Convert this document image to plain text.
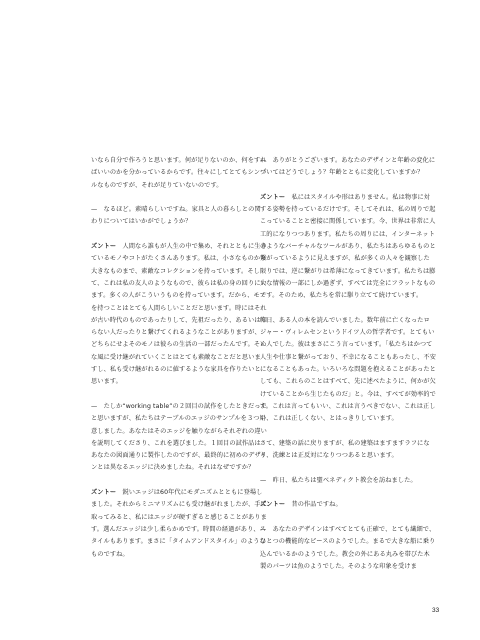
いなら自分で作ろうと思います。何が足りないのか、何をすればいいのかを分かっているからです。往々にしてとてもシンプルなものですが、それが足りていないのです。

—　なるほど。素晴らしいですね。家具と人の暮らしとの関わりについてはいかがでしょうか？

ズントー　人間なら誰もが人生の中で集め、それとともに生きているモノやコトがたくさんあります。私は、小さなものから大きなものまで、素敵なコレクションを持っています。そして、これは私の友人のようなもので、彼らは私の身の回りにいます。多くの人がこういうものを持っています。だから、モノを持つことはとても人間らしいことだと思います。時にはそれが古い時代のものであったりして、先祖だったり、あるいは知らない人だったりと繋げてくれるようなことがありますが、どちらにせよそのモノは彼らの生活の一部だったんです。そんな風に受け継がれていくことはとても素敵なことだと思いますし、私も受け継がれるのに値するような家具を作りたいと思います。

—　たしか“working table”の２回目の試作をしたときだったと思いますが、私たちはテーブルのエッジのサンプルを３つ用意しました。あなたはそのエッジを触りながらそれぞれの違いを説明してくださり、これを選びました。１回目の試作品はあなたの図面通りに製作したのですが、最終的に初めのデザインとは異なるエッジに決めましたね。それはなぜですか？

ズントー　鋭いエッジは60年代にモダニズムとともに登場しました。それからミニマリズムにも受け継がれましたが、手に取ってみると、私にはエッジが硬すぎると感じることがあります。選んだエッジは少し柔らかめです。時間の経過があり、スタイルもあります。まさに「タイムアンドスタイル」のようなものですね。

—　ありがとうございます。あなたのデザインと年齢の変化についてはどうでしょう？年齢とともに変化していますか？

ズントー　私にはスタイルや形はありません。私は物事に対する姿勢を持っているだけです。そしてそれは、私の周りで起こっていることと密接に関係しています。今、世界は非常に人工的になりつつあります。私たちの周りには、インターネットのようなバーチャルなツールがあり、私たちはあらゆるものと繋がっているように見えますが、私が多くの人々を観察した限りでは、逆に繋がりは希薄になってきています。私たちは膨大な情報の一部にしか過ぎず、すべては完全にフラットなものです。そのため、私たちを常に駆り立てて続けています。

昨日、ある人の本を読んでいました。数年前に亡くなったロジャー・ヴィレムセンというドイツ人の哲学者です。とてもいい人でした。彼はまさにこう言っています。「私たちはかつて人生や仕事と繋がっており、不幸になることもあったし、不安になることもあった。いろいろな問題を抱えることがあったとしても、これらのことはすべて、先に述べたように、何かが欠けていることから生じたものだ」と。今は、すべてが効率的です。これは言ってもいい、これは言うべきでない、これは正しい、これは正しくない、とはっきりしています。

さて、建築の話に戻りますが、私の建築はますますラフになり、洗練とは正反対になりつつあると思います。

—　昨日、私たちは聖ベネディクト教会を訪ねました。

ズントー　昔の作品ですね。

—　あなたのデザインはすべてとても正確で、とても繊細で、ひとつの機能的なピースのようでした。まるで大きな船に乗り込んでいるかのようでした。教会の外にある丸みを帯びた木製のパーツは魚のようでした。そのような印象を受けま

33
